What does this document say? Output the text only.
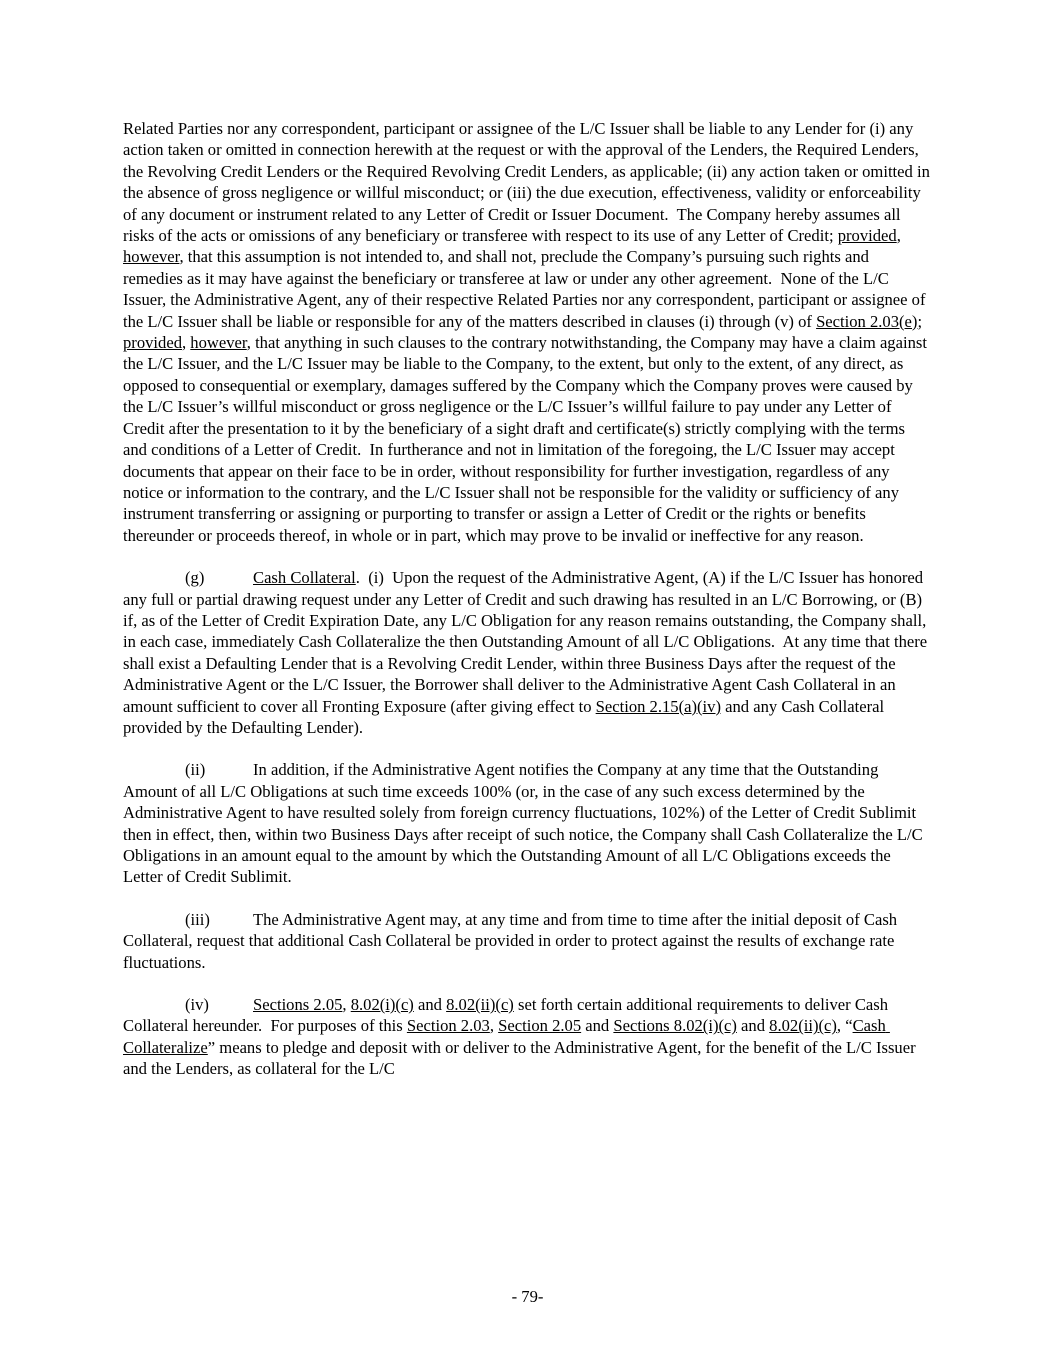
Related Parties nor any correspondent, participant or assignee of the L/C Issuer shall be liable to any Lender for (i) any action taken or omitted in connection herewith at the request or with the approval of the Lenders, the Required Lenders, the Revolving Credit Lenders or the Required Revolving Credit Lenders, as applicable; (ii) any action taken or omitted in the absence of gross negligence or willful misconduct; or (iii) the due execution, effectiveness, validity or enforceability of any document or instrument related to any Letter of Credit or Issuer Document.  The Company hereby assumes all risks of the acts or omissions of any beneficiary or transferee with respect to its use of any Letter of Credit; provided, however, that this assumption is not intended to, and shall not, preclude the Company’s pursuing such rights and remedies as it may have against the beneficiary or transferee at law or under any other agreement.  None of the L/C Issuer, the Administrative Agent, any of their respective Related Parties nor any correspondent, participant or assignee of the L/C Issuer shall be liable or responsible for any of the matters described in clauses (i) through (v) of Section 2.03(e); provided, however, that anything in such clauses to the contrary notwithstanding, the Company may have a claim against the L/C Issuer, and the L/C Issuer may be liable to the Company, to the extent, but only to the extent, of any direct, as opposed to consequential or exemplary, damages suffered by the Company which the Company proves were caused by the L/C Issuer’s willful misconduct or gross negligence or the L/C Issuer’s willful failure to pay under any Letter of Credit after the presentation to it by the beneficiary of a sight draft and certificate(s) strictly complying with the terms and conditions of a Letter of Credit.  In furtherance and not in limitation of the foregoing, the L/C Issuer may accept documents that appear on their face to be in order, without responsibility for further investigation, regardless of any notice or information to the contrary, and the L/C Issuer shall not be responsible for the validity or sufficiency of any instrument transferring or assigning or purporting to transfer or assign a Letter of Credit or the rights or benefits thereunder or proceeds thereof, in whole or in part, which may prove to be invalid or ineffective for any reason.

(g)	Cash Collateral.  (i)  Upon the request of the Administrative Agent, (A) if the L/C Issuer has honored any full or partial drawing request under any Letter of Credit and such drawing has resulted in an L/C Borrowing, or (B) if, as of the Letter of Credit Expiration Date, any L/C Obligation for any reason remains outstanding, the Company shall, in each case, immediately Cash Collateralize the then Outstanding Amount of all L/C Obligations.  At any time that there shall exist a Defaulting Lender that is a Revolving Credit Lender, within three Business Days after the request of the Administrative Agent or the L/C Issuer, the Borrower shall deliver to the Administrative Agent Cash Collateral in an amount sufficient to cover all Fronting Exposure (after giving effect to Section 2.15(a)(iv) and any Cash Collateral provided by the Defaulting Lender).

(ii)	In addition, if the Administrative Agent notifies the Company at any time that the Outstanding Amount of all L/C Obligations at such time exceeds 100% (or, in the case of any such excess determined by the Administrative Agent to have resulted solely from foreign currency fluctuations, 102%) of the Letter of Credit Sublimit then in effect, then, within two Business Days after receipt of such notice, the Company shall Cash Collateralize the L/C Obligations in an amount equal to the amount by which the Outstanding Amount of all L/C Obligations exceeds the Letter of Credit Sublimit.

(iii)	The Administrative Agent may, at any time and from time to time after the initial deposit of Cash Collateral, request that additional Cash Collateral be provided in order to protect against the results of exchange rate fluctuations.

(iv)	Sections 2.05, 8.02(i)(c) and 8.02(ii)(c) set forth certain additional requirements to deliver Cash Collateral hereunder.  For purposes of this Section 2.03, Section 2.05 and Sections 8.02(i)(c) and 8.02(ii)(c), “Cash Collateralize” means to pledge and deposit with or deliver to the Administrative Agent, for the benefit of the L/C Issuer and the Lenders, as collateral for the L/C

- 79-
